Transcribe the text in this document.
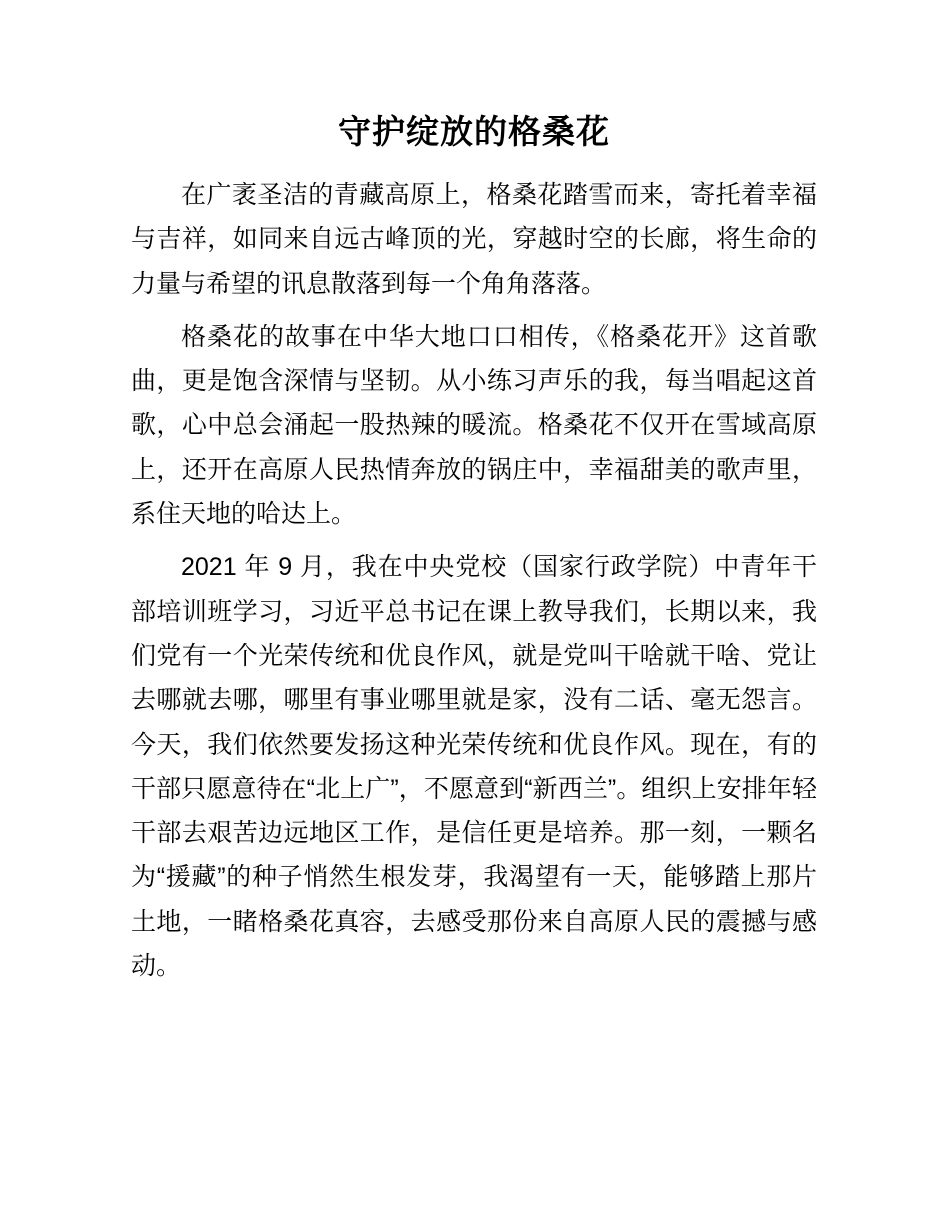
守护绽放的格桑花

在广袤圣洁的青藏高原上，格桑花踏雪而来，寄托着幸福与吉祥，如同来自远古峰顶的光，穿越时空的长廊，将生命的力量与希望的讯息散落到每一个角角落落。

格桑花的故事在中华大地口口相传，《格桑花开》这首歌曲，更是饱含深情与坚韧。从小练习声乐的我，每当唱起这首歌，心中总会涌起一股热辣的暖流。格桑花不仅开在雪域高原上，还开在高原人民热情奔放的锅庄中，幸福甜美的歌声里，系住天地的哈达上。

2021 年 9 月，我在中央党校（国家行政学院）中青年干部培训班学习，习近平总书记在课上教导我们，长期以来，我们党有一个光荣传统和优良作风，就是党叫干啥就干啥、党让去哪就去哪，哪里有事业哪里就是家，没有二话、毫无怨言。今天，我们依然要发扬这种光荣传统和优良作风。现在，有的干部只愿意待在“北上广”，不愿意到“新西兰”。组织上安排年轻干部去艰苦边远地区工作，是信任更是培养。那一刻，一颗名为“援藏”的种子悄然生根发芽，我渴望有一天，能够踏上那片土地，一睹格桑花真容，去感受那份来自高原人民的震撼与感动。
